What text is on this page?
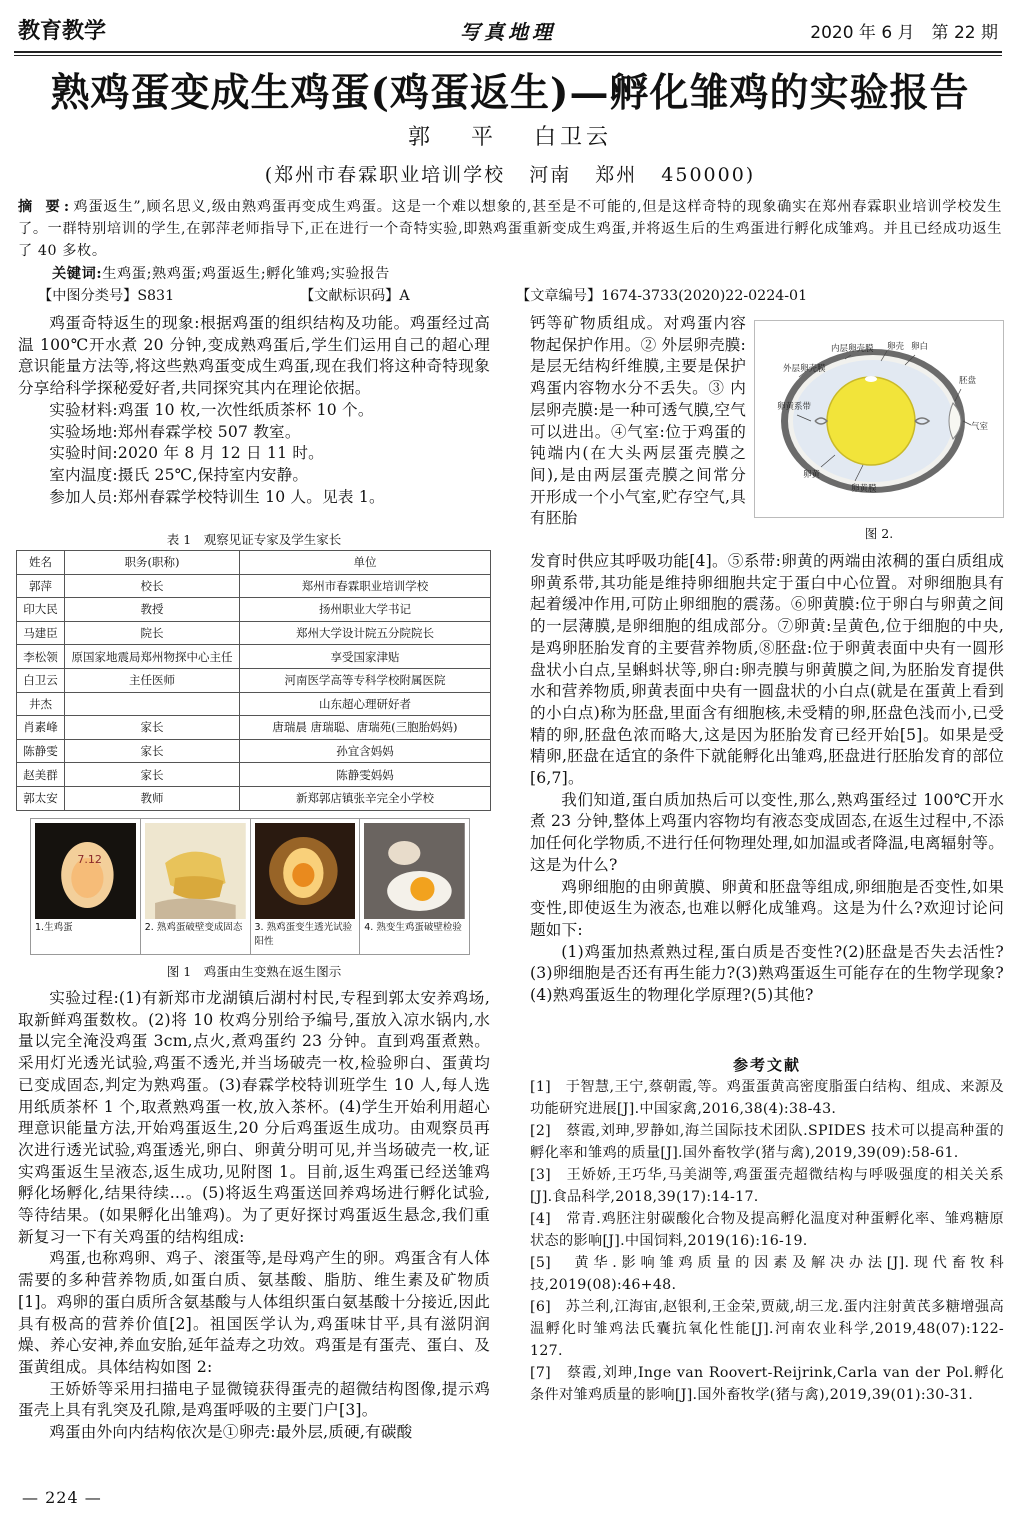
教育教学	写真地理	2020 年 6 月　第 22 期
熟鸡蛋变成生鸡蛋(鸡蛋返生)—孵化雏鸡的实验报告
郭 平 白卫云
(郑州市春霖职业培训学校 河南 郑州 450000)
摘 要:鸡蛋返生”,顾名思义,级由熟鸡蛋再变成生鸡蛋。这是一个难以想象的,甚至是不可能的,但是这样奇特的现象确实在郑州春霖职业培训学校发生了。一群特别培训的学生,在郭萍老师指导下,正在进行一个奇特实验,即熟鸡蛋重新变成生鸡蛋,并将返生后的生鸡蛋进行孵化成雏鸡。并且已经成功返生了 40 多枚。
关键词:生鸡蛋;熟鸡蛋;鸡蛋返生;孵化雏鸡;实验报告
【中图分类号】S831	【文献标识码】A	【文章编号】1674-3733(2020)22-0224-01

鸡蛋奇特返生的现象:根据鸡蛋的组织结构及功能。鸡蛋经过高温 100℃开水煮 20 分钟,变成熟鸡蛋后,学生们运用自己的超心理意识能量方法等,将这些熟鸡蛋变成生鸡蛋,现在我们将这种奇特现象分享给科学探秘爱好者,共同探究其内在理论依据。

实验材料:鸡蛋 10 枚,一次性纸质茶杯 10 个。

实验场地:郑州春霖学校 507 教室。

实验时间:2020 年 8 月 12 日 11 时。

室内温度:摄氏 25℃,保持室内安静。

参加人员:郑州春霖学校特训生 10 人。见表 1。

表 1　观察见证专家及学生家长
姓名	职务(职称)	单位
郭萍	校长	郑州市春霖职业培训学校
印大民	教授	扬州职业大学书记
马建臣	院长	郑州大学设计院五分院院长
李松领	原国家地震局郑州物探中心主任	享受国家津贴
白卫云	主任医师	河南医学高等专科学校附属医院
井杰		山东超心理研好者
肖素峰	家长	唐瑞晨 唐瑞聪、唐瑞苑(三胞胎妈妈)
陈静雯	家长	孙宜含妈妈
赵美群	家长	陈静雯妈妈
郭太安	教师	新郑郭店镇张辛完全小学校
7.12
1.生鸡蛋	2. 熟鸡蛋破壁变成固态	3. 熟鸡蛋变生透光试验阳性
4. 熟变生鸡蛋破壁检验
图 1　鸡蛋由生变熟在返生图示

实验过程:(1)有新郑市龙湖镇后湖村村民,专程到郭太安养鸡场,取新鲜鸡蛋数枚。(2)将 10 枚鸡分别给予编号,蛋放入凉水锅内,水量以完全淹没鸡蛋 3cm,点火,煮鸡蛋约 23 分钟。直到鸡蛋煮熟。采用灯光透光试验,鸡蛋不透光,并当场破壳一枚,检验卵白、蛋黄均已变成固态,判定为熟鸡蛋。(3)春霖学校特训班学生 10 人,每人选用纸质茶杯 1 个,取煮熟鸡蛋一枚,放入茶杯。(4)学生开始利用超心理意识能量方法,开始鸡蛋返生,20 分后鸡蛋返生成功。由观察员再次进行透光试验,鸡蛋透光,卵白、卵黄分明可见,并当场破壳一枚,证实鸡蛋返生呈液态,返生成功,见附图 1。目前,返生鸡蛋已经送雏鸡孵化场孵化,结果待续…。(5)将返生鸡蛋送回养鸡场进行孵化试验,等待结果。(如果孵化出雏鸡)。为了更好探讨鸡蛋返生悬念,我们重新复习一下有关鸡蛋的结构组成:

鸡蛋,也称鸡卵、鸡子、滚蛋等,是母鸡产生的卵。鸡蛋含有人体需要的多种营养物质,如蛋白质、氨基酸、脂肪、维生素及矿物质[1]。鸡卵的蛋白质所含氨基酸与人体组织蛋白氨基酸十分接近,因此具有极高的营养价值[2]。祖国医学认为,鸡蛋味甘平,具有滋阴润燥、养心安神,养血安胎,延年益寿之功效。鸡蛋是有蛋壳、蛋白、及蛋黄组成。具体结构如图 2:

王娇娇等采用扫描电子显微镜获得蛋壳的超微结构图像,提示鸡蛋壳上具有乳突及孔隙,是鸡蛋呼吸的主要门户[3]。

鸡蛋由外向内结构依次是①卵壳:最外层,质硬,有碳酸

钙等矿物质组成。对鸡蛋内容物起保护作用。② 外层卵壳膜:是层无结构纤维膜,主要是保护鸡蛋内容物水分不丢失。③ 内层卵壳膜:是一种可透气膜,空气可以进出。④气室:位于鸡蛋的钝端内(在大头两层蛋壳膜之间),是由两层蛋壳膜之间常分开形成一个小气室,贮存空气,具有胚胎

外层卵壳膜
内层卵壳膜 卵壳 卵白
胚盘
气室
卵黄系带
卵黄
卵黄膜
图 2.

发育时供应其呼吸功能[4]。⑤系带:卵黄的两端由浓稠的蛋白质组成卵黄系带,其功能是维持卵细胞共定于蛋白中心位置。对卵细胞具有起着缓冲作用,可防止卵细胞的震荡。⑥卵黄膜:位于卵白与卵黄之间的一层薄膜,是卵细胞的组成部分。⑦卵黄:呈黄色,位于细胞的中央,是鸡卵胚胎发育的主要营养物质,⑧胚盘:位于卵黄表面中央有一圆形盘状小白点,呈蝌蚪状等,卵白:卵壳膜与卵黄膜之间,为胚胎发育提供水和营养物质,卵黄表面中央有一圆盘状的小白点(就是在蛋黄上看到的小白点)称为胚盘,里面含有细胞核,未受精的卵,胚盘色浅而小,已受精的卵,胚盘色浓而略大,这是因为胚胎发育已经开始[5]。如果是受精卵,胚盘在适宜的条件下就能孵化出雏鸡,胚盘进行胚胎发育的部位[6,7]。

我们知道,蛋白质加热后可以变性,那么,熟鸡蛋经过 100℃开水煮 23 分钟,整体上鸡蛋内容物均有液态变成固态,在返生过程中,不添加任何化学物质,不进行任何物理处理,如加温或者降温,电离辐射等。这是为什么?

鸡卵细胞的由卵黄膜、卵黄和胚盘等组成,卵细胞是否变性,如果变性,即使返生为液态,也难以孵化成雏鸡。这是为什么?欢迎讨论问题如下:

(1)鸡蛋加热煮熟过程,蛋白质是否变性?(2)胚盘是否失去活性?(3)卵细胞是否还有再生能力?(3)熟鸡蛋返生可能存在的生物学现象?(4)熟鸡蛋返生的物理化学原理?(5)其他?

参考文献
[1]　于智慧,王宁,蔡朝霞,等。鸡蛋蛋黄高密度脂蛋白结构、组成、来源及功能研究进展[J].中国家禽,2016,38(4):38-43.
[2]　蔡霞,刘珅,罗静如,海兰国际技术团队.SPIDES 技术可以提高种蛋的孵化率和雏鸡的质量[J].国外畜牧学(猪与禽),2019,39(09):58-61.
[3]　王娇娇,王巧华,马美湖等,鸡蛋蛋壳超微结构与呼吸强度的相关关系[J].食品科学,2018,39(17):14-17.
[4]　常青.鸡胚注射碳酸化合物及提高孵化温度对种蛋孵化率、雏鸡糖原状态的影响[J].中国饲料,2019(16):16-19.
[5]　黄华.影响雏鸡质量的因素及解决办法[J].现代畜牧科技,2019(08):46+48.
[6]　苏兰利,江海宙,赵银利,王金荣,贾葳,胡三龙.蛋内注射黄芪多糖增强高温孵化时雏鸡法氏囊抗氧化性能[J].河南农业科学,2019,48(07):122-127.
[7]　蔡霞,刘珅,Inge van Roovert-Reijrink,Carla van der Pol.孵化条件对雏鸡质量的影响[J].国外畜牧学(猪与禽),2019,39(01):30-31.
— 224 —
